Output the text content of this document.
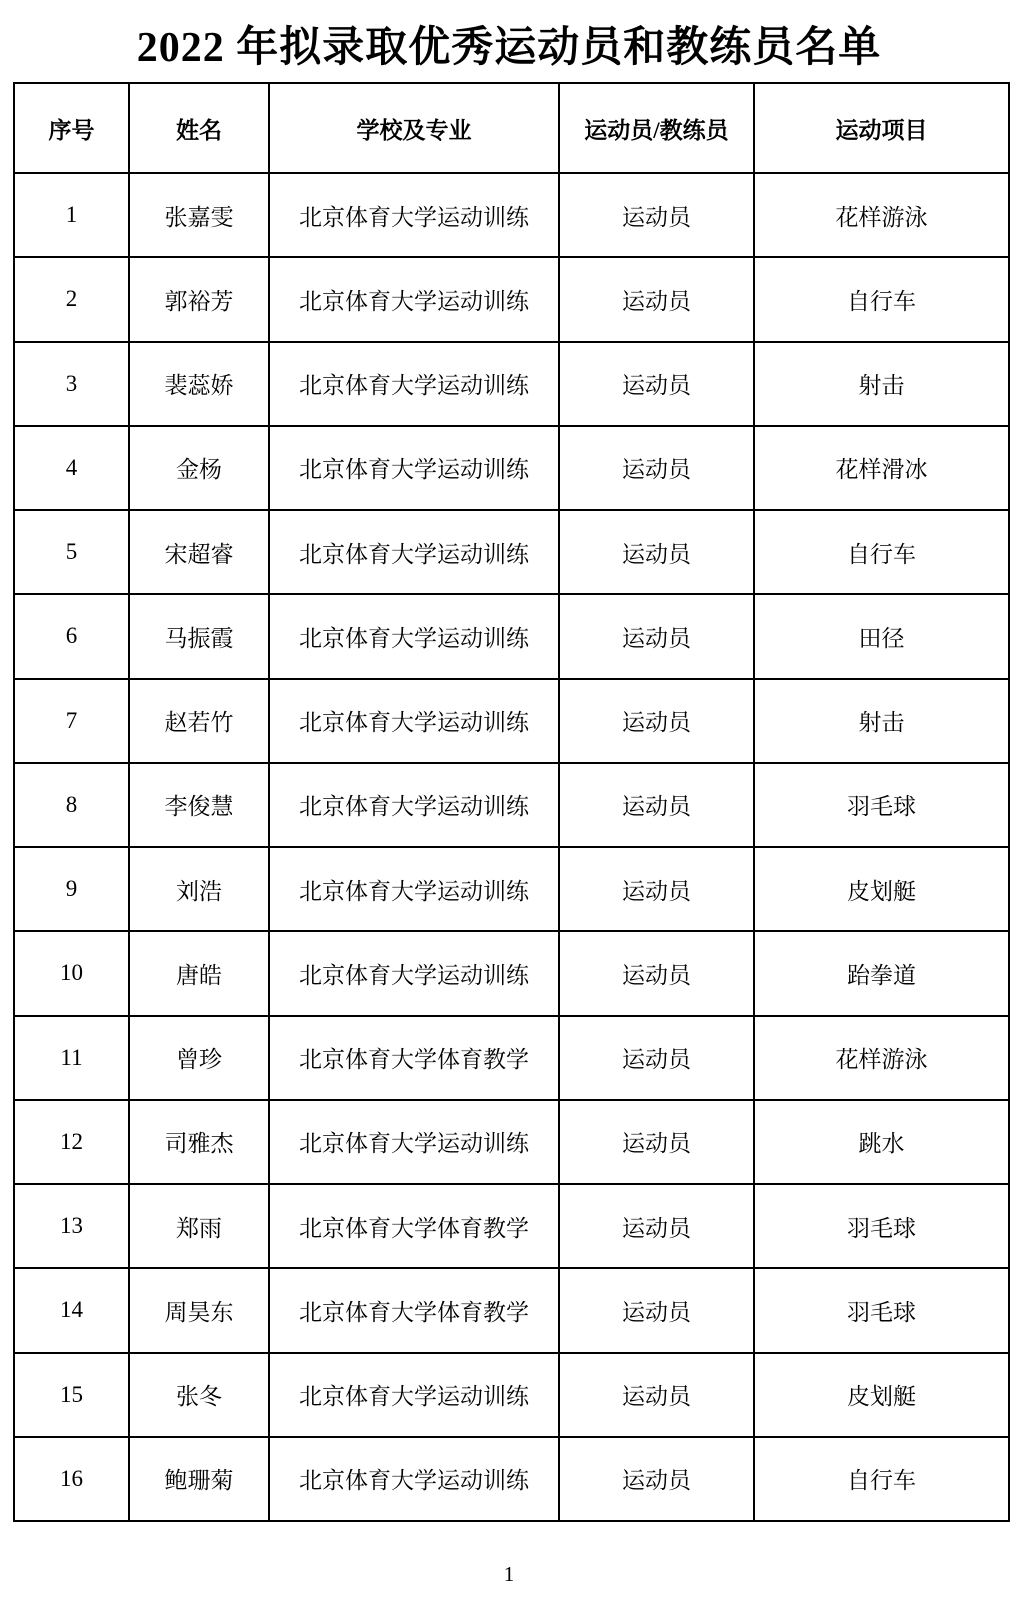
2022 年拟录取优秀运动员和教练员名单
序号	姓名	学校及专业	运动员/教练员	运动项目
1	张嘉雯	北京体育大学运动训练	运动员	花样游泳
2	郭裕芳	北京体育大学运动训练	运动员	自行车
3	裴蕊娇	北京体育大学运动训练	运动员	射击
4	金杨	北京体育大学运动训练	运动员	花样滑冰
5	宋超睿	北京体育大学运动训练	运动员	自行车
6	马振霞	北京体育大学运动训练	运动员	田径
7	赵若竹	北京体育大学运动训练	运动员	射击
8	李俊慧	北京体育大学运动训练	运动员	羽毛球
9	刘浩	北京体育大学运动训练	运动员	皮划艇
10	唐皓	北京体育大学运动训练	运动员	跆拳道
11	曾珍	北京体育大学体育教学	运动员	花样游泳
12	司雅杰	北京体育大学运动训练	运动员	跳水
13	郑雨	北京体育大学体育教学	运动员	羽毛球
14	周昊东	北京体育大学体育教学	运动员	羽毛球
15	张冬	北京体育大学运动训练	运动员	皮划艇
16	鲍珊菊	北京体育大学运动训练	运动员	自行车
1
